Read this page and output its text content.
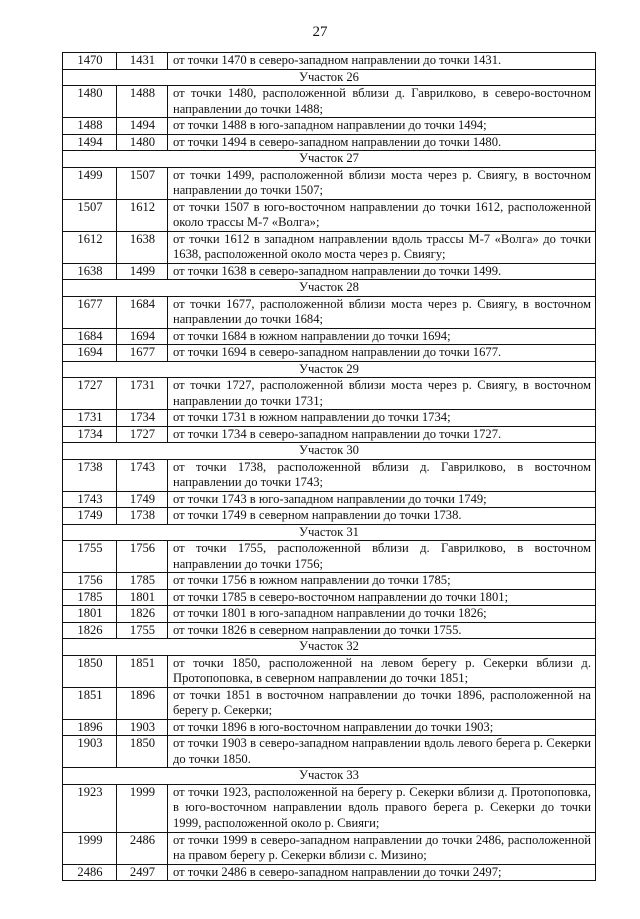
27
1470	1431	от точки 1470 в северо-западном направлении до точки 1431.
Участок 26		
1480	1488	от точки 1480, расположенной вблизи д. Гаврилково, в северо-восточном направлении до точки 1488;
1488	1494	от точки 1488 в юго-западном направлении до точки 1494;
1494	1480	от точки 1494 в северо-западном направлении до точки 1480.
Участок 27		
1499	1507	от точки 1499, расположенной вблизи моста через р. Свиягу, в восточном направлении до точки 1507;
1507	1612	от точки 1507 в юго-восточном направлении до точки 1612, расположенной около трассы М-7 «Волга»;
1612	1638	от точки 1612 в западном направлении вдоль трассы М-7 «Волга» до точки 1638, расположенной около моста через р. Свиягу;
1638	1499	от точки 1638 в северо-западном направлении до точки 1499.
Участок 28		
1677	1684	от точки 1677, расположенной вблизи моста через р. Свиягу, в восточном направлении до точки 1684;
1684	1694	от точки 1684 в южном направлении до точки 1694;
1694	1677	от точки 1694 в северо-западном направлении до точки 1677.
Участок 29		
1727	1731	от точки 1727, расположенной вблизи моста через р. Свиягу, в восточном направлении до точки 1731;
1731	1734	от точки 1731 в южном направлении до точки 1734;
1734	1727	от точки 1734 в северо-западном направлении до точки 1727.
Участок 30		
1738	1743	от точки 1738, расположенной вблизи д. Гаврилково, в восточном направлении до точки 1743;
1743	1749	от точки 1743 в юго-западном направлении до точки 1749;
1749	1738	от точки 1749 в северном направлении до точки 1738.
Участок 31		
1755	1756	от точки 1755, расположенной вблизи д. Гаврилково, в восточном направлении до точки 1756;
1756	1785	от точки 1756 в южном направлении до точки 1785;
1785	1801	от точки 1785 в северо-восточном направлении до точки 1801;
1801	1826	от точки 1801 в юго-западном направлении до точки 1826;
1826	1755	от точки 1826 в северном направлении до точки 1755.
Участок 32		
1850	1851	от точки 1850, расположенной на левом берегу р. Секерки вблизи д. Протопоповка, в северном направлении до точки 1851;
1851	1896	от точки 1851 в восточном направлении до точки 1896, расположенной на берегу р. Секерки;
1896	1903	от точки 1896 в юго-восточном направлении до точки 1903;
1903	1850	от точки 1903 в северо-западном направлении вдоль левого берега р. Секерки до точки 1850.
Участок 33		
1923	1999	от точки 1923, расположенной на берегу р. Секерки вблизи д. Протопоповка, в юго-восточном направлении вдоль правого берега р. Секерки до точки 1999, расположенной около р. Свияги;
1999	2486	от точки 1999 в северо-западном направлении до точки 2486, расположенной на правом берегу р. Секерки вблизи с. Мизино;
2486	2497	от точки 2486 в северо-западном направлении до точки 2497;
